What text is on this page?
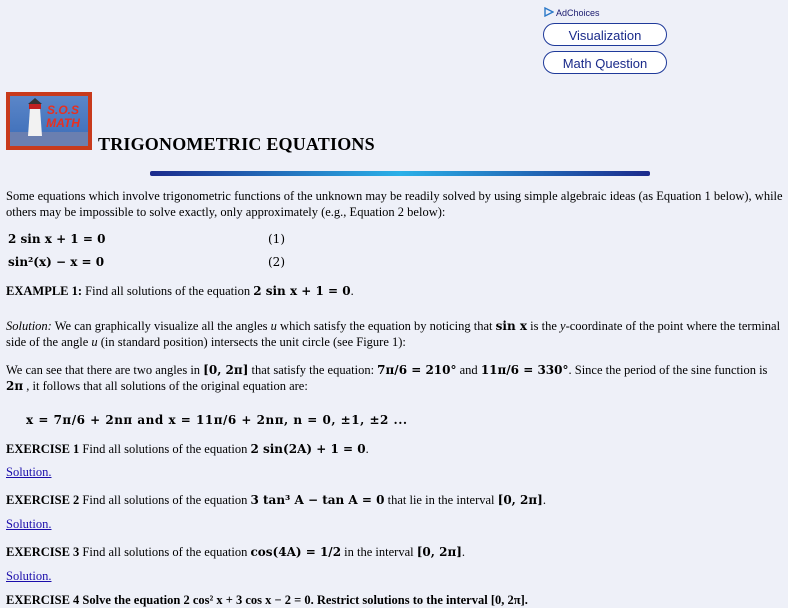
AdChoices
Visualization
Math Question
S.O.S MATH
TRIGONOMETRIC EQUATIONS
Some equations which involve trigonometric functions of the unknown may be readily solved by using simple algebraic ideas (as Equation 1 below), while others may be impossible to solve exactly, only approximately (e.g., Equation 2 below):
2 sin x + 1 = 0	(1)
sin²(x) − x = 0	(2)
EXAMPLE 1: Find all solutions of the equation 2 sin x + 1 = 0.
Solution: We can graphically visualize all the angles u which satisfy the equation by noticing that sin x is the y-coordinate of the point where the terminal side of the angle u (in standard position) intersects the unit circle (see Figure 1):
We can see that there are two angles in [0, 2π] that satisfy the equation: 7π/6 = 210° and 11π/6 = 330°. Since the period of the sine function is 2π , it follows that all solutions of the original equation are:
x = 7π/6 + 2nπ and x = 11π/6 + 2nπ, n = 0, ±1, ±2 ...
EXERCISE 1 Find all solutions of the equation 2 sin(2A) + 1 = 0.
Solution.
EXERCISE 2 Find all solutions of the equation 3 tan³ A − tan A = 0 that lie in the interval [0, 2π].
Solution.
EXERCISE 3 Find all solutions of the equation cos(4A) = 1/2 in the interval [0, 2π].
Solution.
EXERCISE 4 Solve the equation 2 cos² x + 3 cos x − 2 = 0. Restrict solutions to the interval [0, 2π].
